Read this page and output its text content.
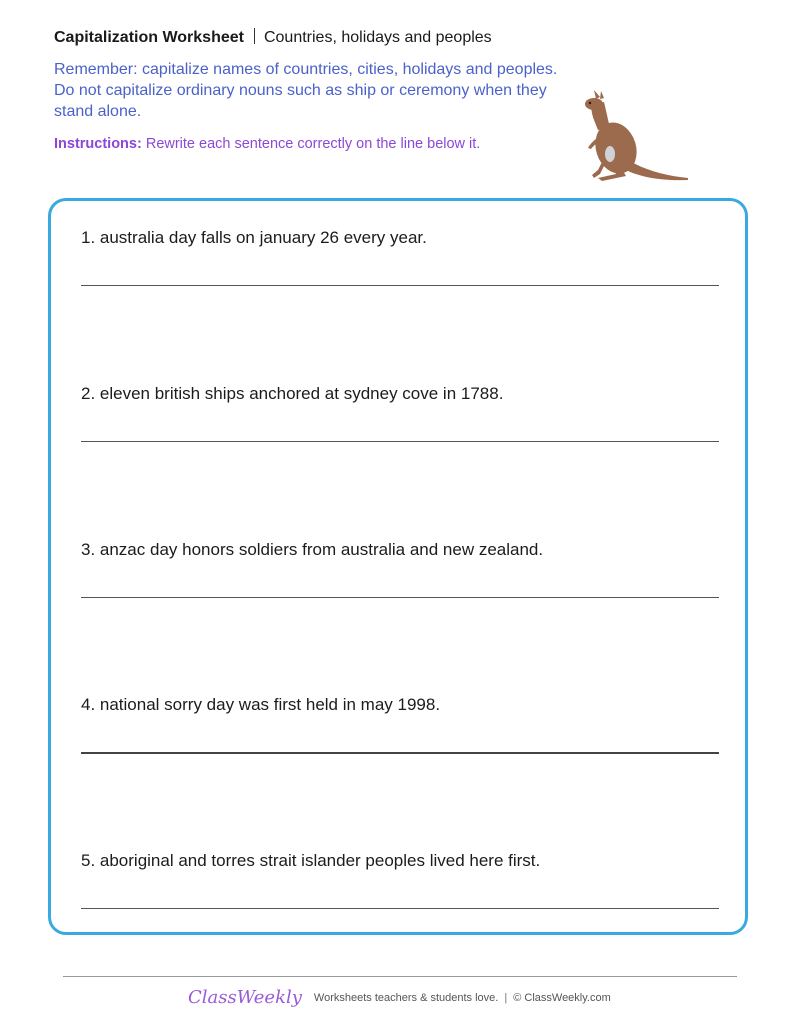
Capitalization Worksheet Countries, holidays and peoples
Remember: capitalize names of countries, cities, holidays and peoples. Do not capitalize ordinary nouns such as ship or ceremony when they stand alone.
Instructions: Rewrite each sentence correctly on the line below it.
1. australia day falls on january 26 every year.
2. eleven british ships anchored at sydney cove in 1788.
3. anzac day honors soldiers from australia and new zealand.
4. national sorry day was first held in may 1998.
5. aboriginal and torres strait islander peoples lived here first.
ClassWeekly Worksheets teachers & students love. | © ClassWeekly.com
